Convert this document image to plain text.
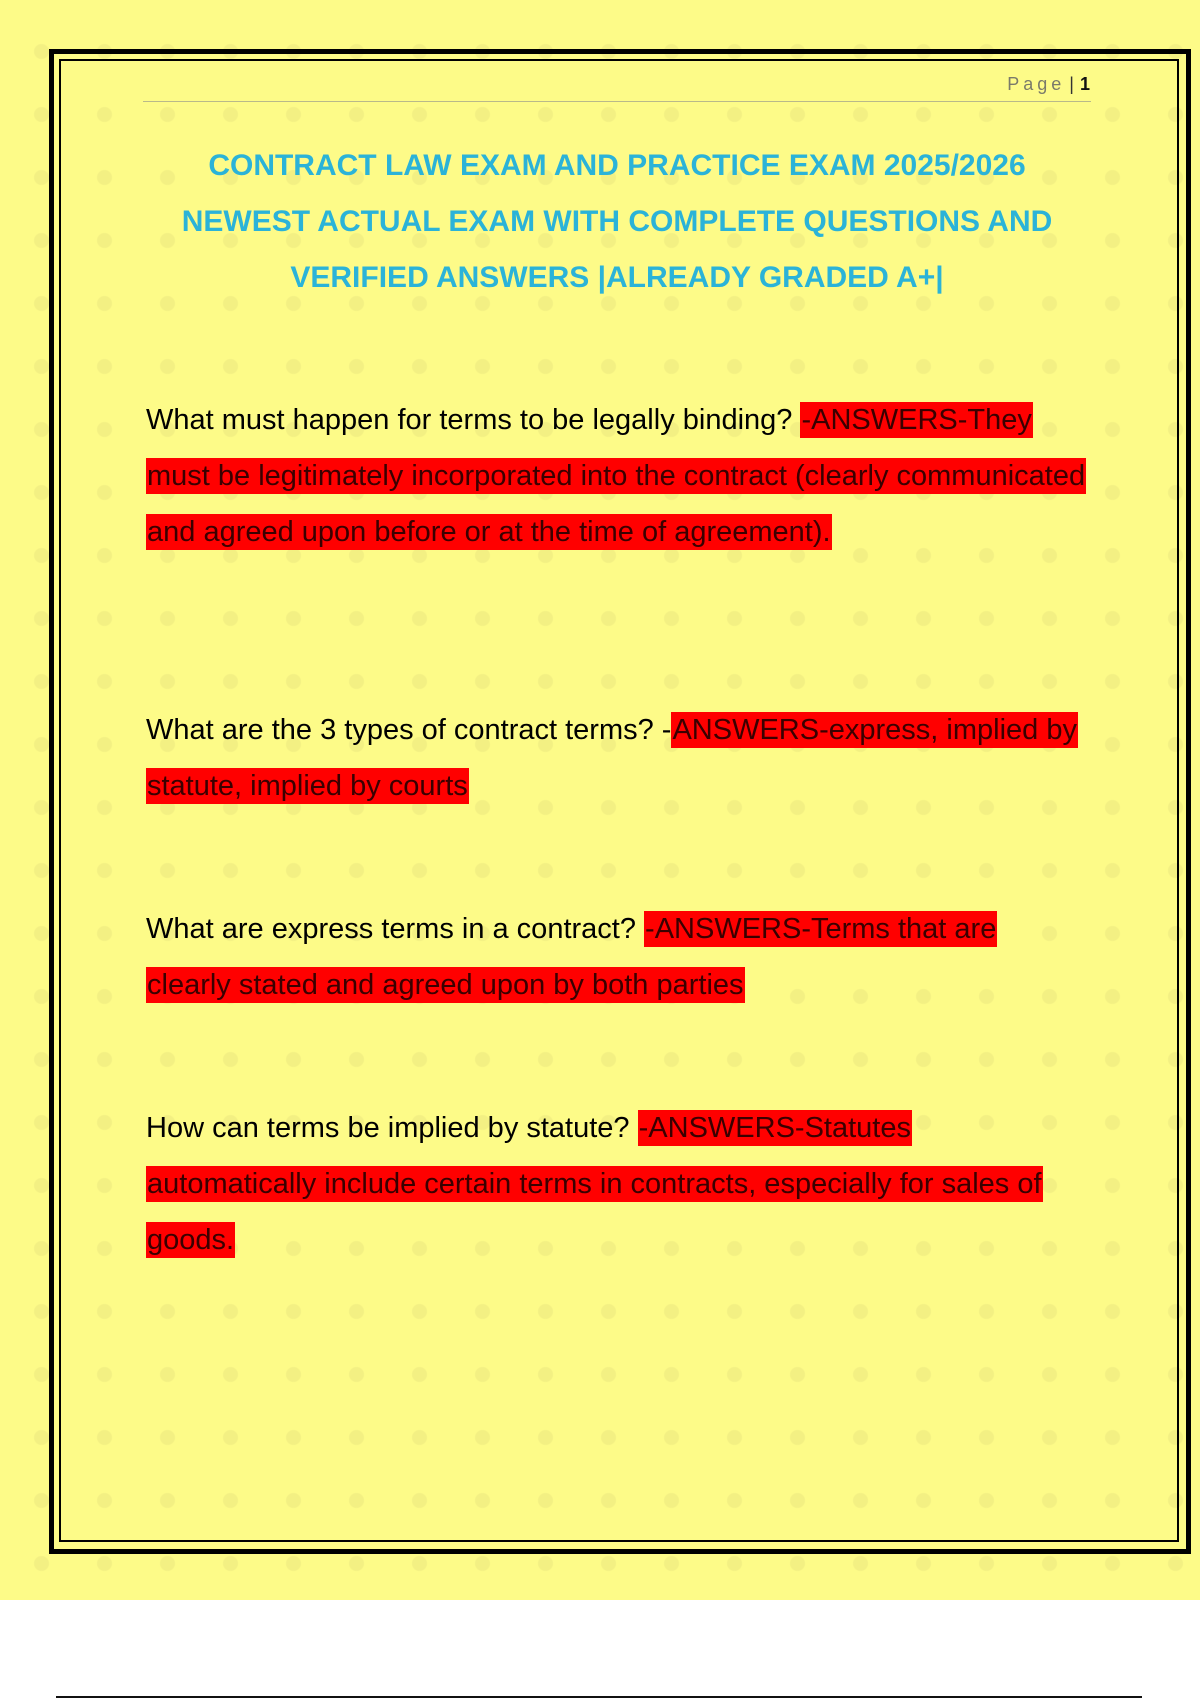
Page | 1
CONTRACT LAW EXAM AND PRACTICE EXAM 2025/2026
NEWEST ACTUAL EXAM WITH COMPLETE QUESTIONS AND
VERIFIED ANSWERS |ALREADY GRADED A+|

What must happen for terms to be legally binding? -ANSWERS-They must be legitimately incorporated into the contract (clearly communicated and agreed upon before or at the time of agreement).

What are the 3 types of contract terms? -ANSWERS-express, implied by statute, implied by courts

What are express terms in a contract? -ANSWERS-Terms that are clearly stated and agreed upon by both parties

How can terms be implied by statute? -ANSWERS-Statutes automatically include certain terms in contracts, especially for sales of goods.
